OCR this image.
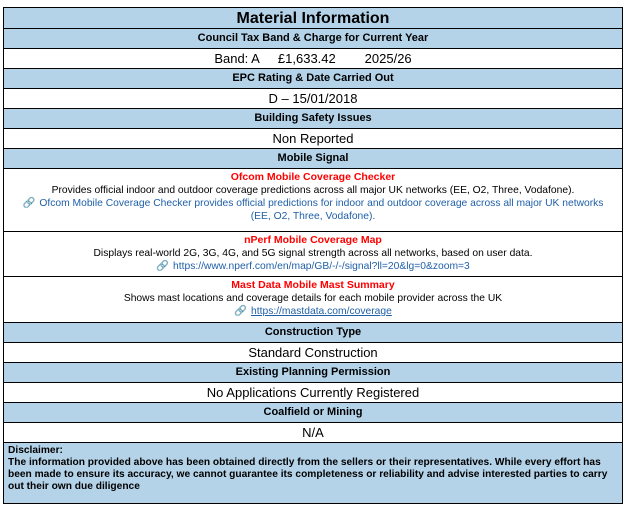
Material Information
Council Tax Band & Charge for Current Year
Band: A £1,633.42 2025/26
EPC Rating & Date Carried Out
D – 15/01/2018
Building Safety Issues
Non Reported
Mobile Signal
Ofcom Mobile Coverage Checker
Provides official indoor and outdoor coverage predictions across all major UK networks (EE, O2, Three, Vodafone).
🔗 Ofcom Mobile Coverage Checker provides official predictions for indoor and outdoor coverage across all major UK networks (EE, O2, Three, Vodafone).
nPerf Mobile Coverage Map
Displays real-world 2G, 3G, 4G, and 5G signal strength across all networks, based on user data.
🔗 https://www.nperf.com/en/map/GB/-/-/signal?ll=20&lg=0&zoom=3
Mast Data Mobile Mast Summary
Shows mast locations and coverage details for each mobile provider across the UK
🔗 https://mastdata.com/coverage
Construction Type
Standard Construction
Existing Planning Permission
No Applications Currently Registered
Coalfield or Mining
N/A
Disclaimer:
The information provided above has been obtained directly from the sellers or their representatives. While every effort has been made to ensure its accuracy, we cannot guarantee its completeness or reliability and advise interested parties to carry out their own due diligence
